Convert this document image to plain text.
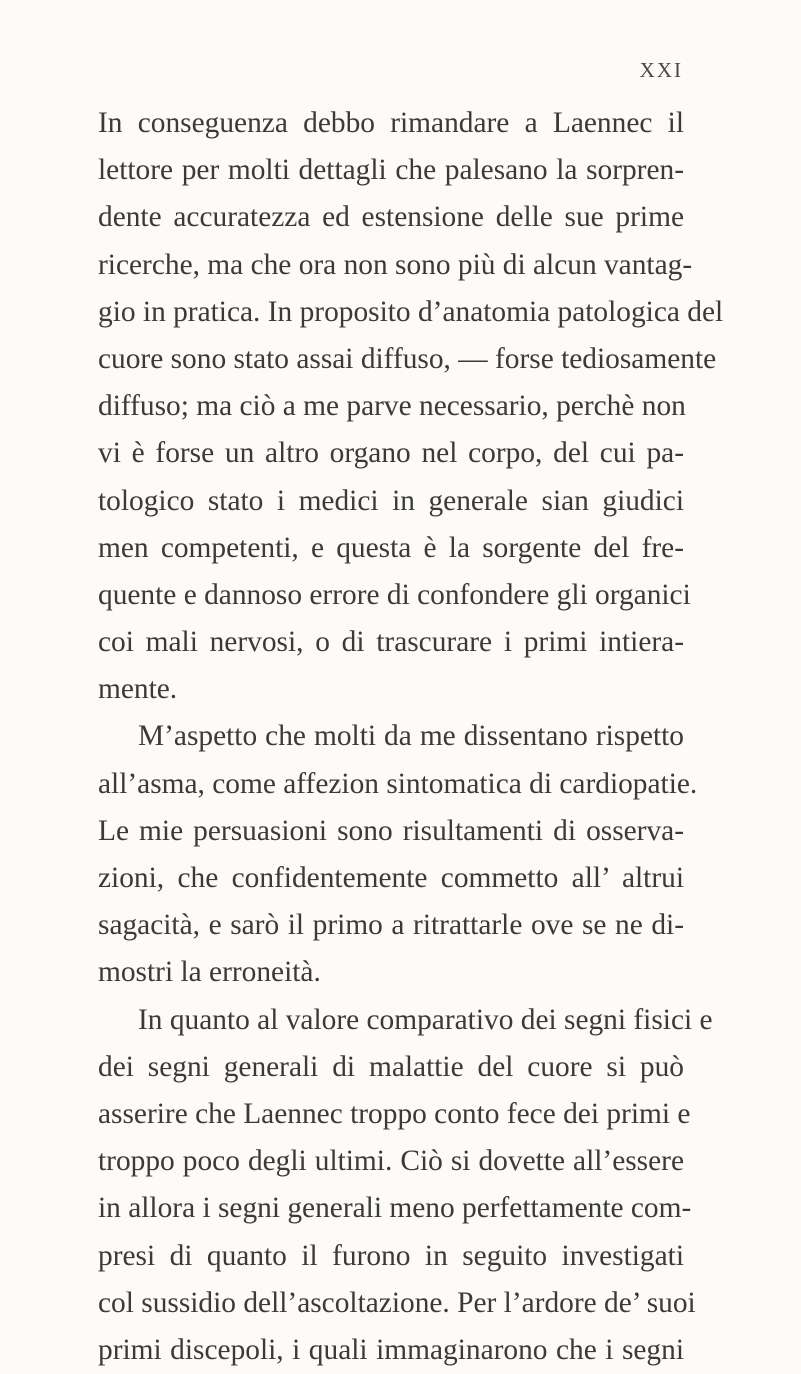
XXI
In conseguenza debbo rimandare a Laennec il
lettore per molti dettagli che palesano la sorpren-
dente accuratezza ed estensione delle sue prime
ricerche, ma che ora non sono più di alcun vantag-
gio in pratica. In proposito d’anatomia patologica del
cuore sono stato assai diffuso, — forse tediosamente
diffuso; ma ciò a me parve necessario, perchè non
vi è forse un altro organo nel corpo, del cui pa-
tologico stato i medici in generale sian giudici
men competenti, e questa è la sorgente del fre-
quente e dannoso errore di confondere gli organici
coi mali nervosi, o di trascurare i primi intiera-
mente.
M’aspetto che molti da me dissentano rispetto
all’asma, come affezion sintomatica di cardiopatie.
Le mie persuasioni sono risultamenti di osserva-
zioni, che confidentemente commetto all’ altrui
sagacità, e sarò il primo a ritrattarle ove se ne di-
mostri la erroneità.
In quanto al valore comparativo dei segni fisici e
dei segni generali di malattie del cuore si può
asserire che Laennec troppo conto fece dei primi e
troppo poco degli ultimi. Ciò si dovette all’essere
in allora i segni generali meno perfettamente com-
presi di quanto il furono in seguito investigati
col sussidio dell’ascoltazione. Per l’ardore de’ suoi
primi discepoli, i quali immaginarono che i segni
